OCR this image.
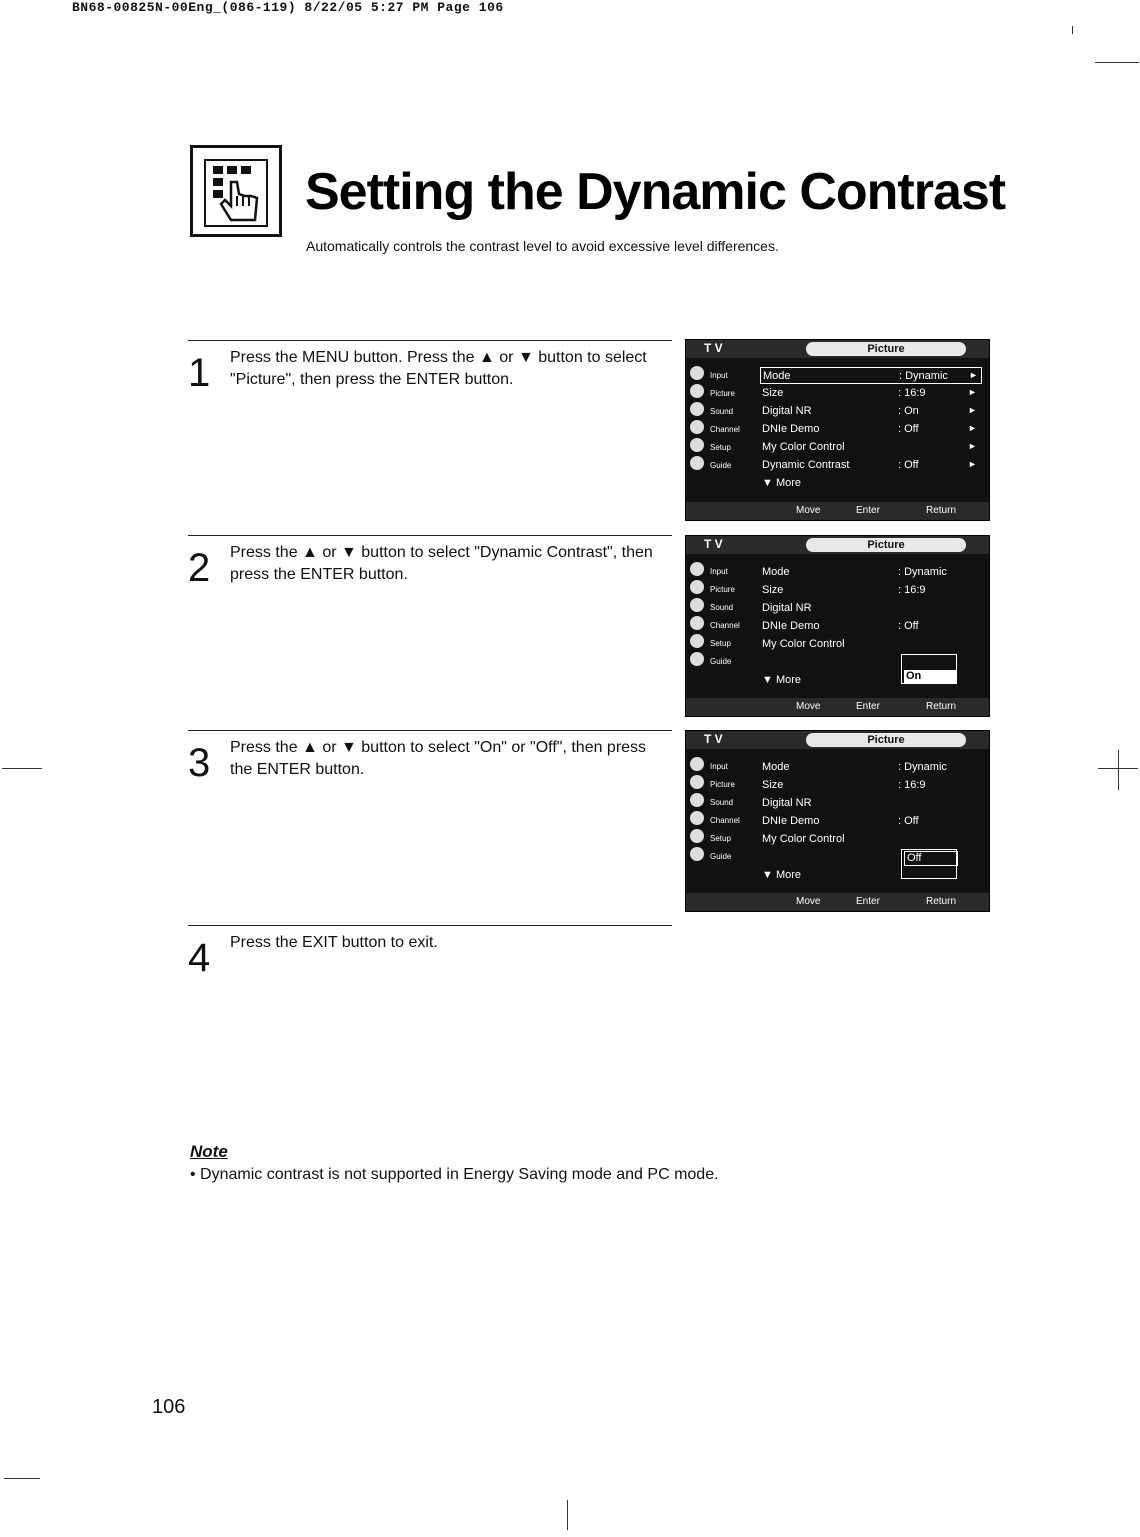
BN68-00825N-00Eng_(086-119) 8/22/05 5:27 PM Page 106
Setting the Dynamic Contrast
Automatically controls the contrast level to avoid excessive level differences.
1 Press the MENU button. Press the ▲ or ▼ button to select "Picture", then press the ENTER button.
2 Press the ▲ or ▼ button to select "Dynamic Contrast", then press the ENTER button.
3 Press the ▲ or ▼ button to select "On" or "Off", then press the ENTER button.
4 Press the EXIT button to exit.
T V	Picture
Input
Picture
Sound
Channel
Setup
Guide
Mode	: Dynamic ►
Size	: 16:9	►
Digital NR	: On	►
DNIe Demo	: Off	►
My Color Control	►
Dynamic Contrast	: Off	►
▼ More
Move	Enter	Return
T V	Picture
Input
Picture
Sound
Channel
Setup
Guide
Mode	: Dynamic
Size	: 16:9
Digital NR
DNIe Demo	: Off
My Color Control
▼ More	On
Move	Enter	Return
T V	Picture
Input
Picture
Sound
Channel
Setup
Guide
Mode	: Dynamic
Size	: 16:9
Digital NR
DNIe Demo	: Off
My Color Control
▼ More
Off
Move	Enter	Return
Note
• Dynamic contrast is not supported in Energy Saving mode and PC mode.
106
